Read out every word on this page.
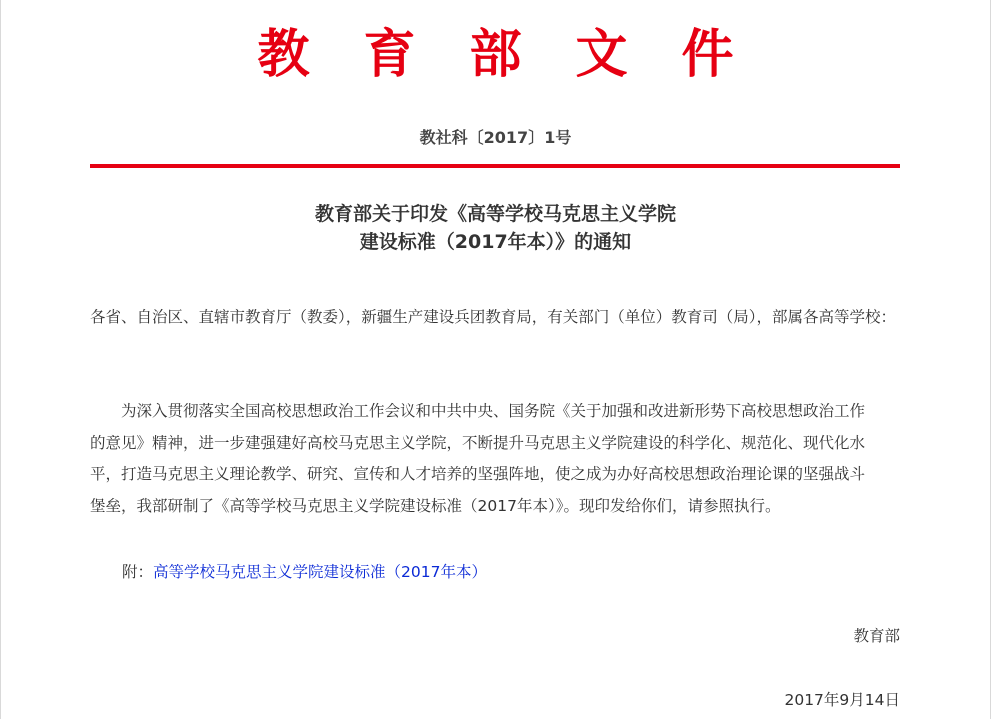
教育部文件
教社科〔2017〕1号
教育部关于印发《高等学校马克思主义学院
建设标准（2017年本）》的通知
各省、自治区、直辖市教育厅（教委），新疆生产建设兵团教育局，有关部门（单位）教育司（局），部属各高等学校：
为深入贯彻落实全国高校思想政治工作会议和中共中央、国务院《关于加强和改进新形势下高校思想政治工作
的意见》精神，进一步建强建好高校马克思主义学院，不断提升马克思主义学院建设的科学化、规范化、现代化水
平，打造马克思主义理论教学、研究、宣传和人才培养的坚强阵地，使之成为办好高校思想政治理论课的坚强战斗
堡垒，我部研制了《高等学校马克思主义学院建设标准（2017年本）》。现印发给你们，请参照执行。
附：高等学校马克思主义学院建设标准（2017年本）
教育部
2017年9月14日
